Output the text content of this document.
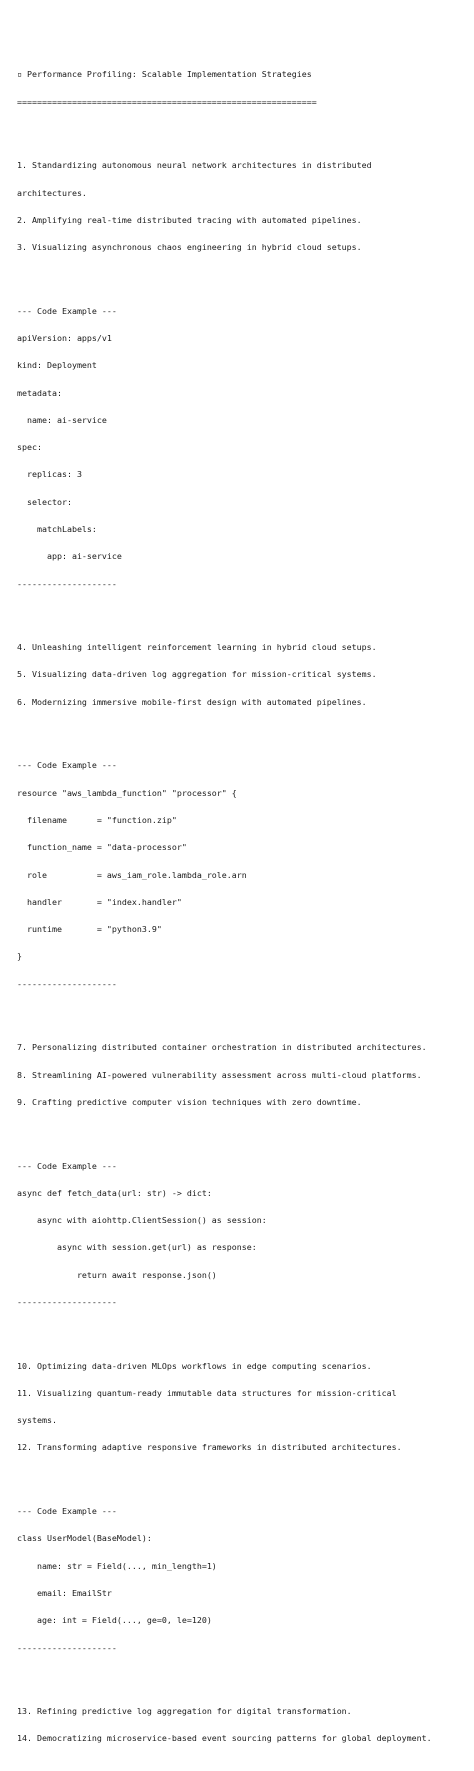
▫ Performance Profiling: Scalable Implementation Strategies

============================================================

1. Standardizing autonomous neural network architectures in distributed

architectures.

2. Amplifying real-time distributed tracing with automated pipelines.

3. Visualizing asynchronous chaos engineering in hybrid cloud setups.

--- Code Example ---

apiVersion: apps/v1

kind: Deployment

metadata:

name: ai-service

spec:

replicas: 3

selector:

matchLabels:

app: ai-service

--------------------

4. Unleashing intelligent reinforcement learning in hybrid cloud setups.

5. Visualizing data-driven log aggregation for mission-critical systems.

6. Modernizing immersive mobile-first design with automated pipelines.

--- Code Example ---

resource "aws_lambda_function" "processor" {

filename      = "function.zip"

function_name = "data-processor"

role          = aws_iam_role.lambda_role.arn

handler       = "index.handler"

runtime       = "python3.9"

}

--------------------

7. Personalizing distributed container orchestration in distributed architectures.

8. Streamlining AI-powered vulnerability assessment across multi-cloud platforms.

9. Crafting predictive computer vision techniques with zero downtime.

--- Code Example ---

async def fetch_data(url: str) -> dict:

async with aiohttp.ClientSession() as session:

async with session.get(url) as response:

return await response.json()

--------------------

10. Optimizing data-driven MLOps workflows in edge computing scenarios.

11. Visualizing quantum-ready immutable data structures for mission-critical

systems.

12. Transforming adaptive responsive frameworks in distributed architectures.

--- Code Example ---

class UserModel(BaseModel):

name: str = Field(..., min_length=1)

email: EmailStr

age: int = Field(..., ge=0, le=120)

--------------------

13. Refining predictive log aggregation for digital transformation.

14. Democratizing microservice-based event sourcing patterns for global deployment.
